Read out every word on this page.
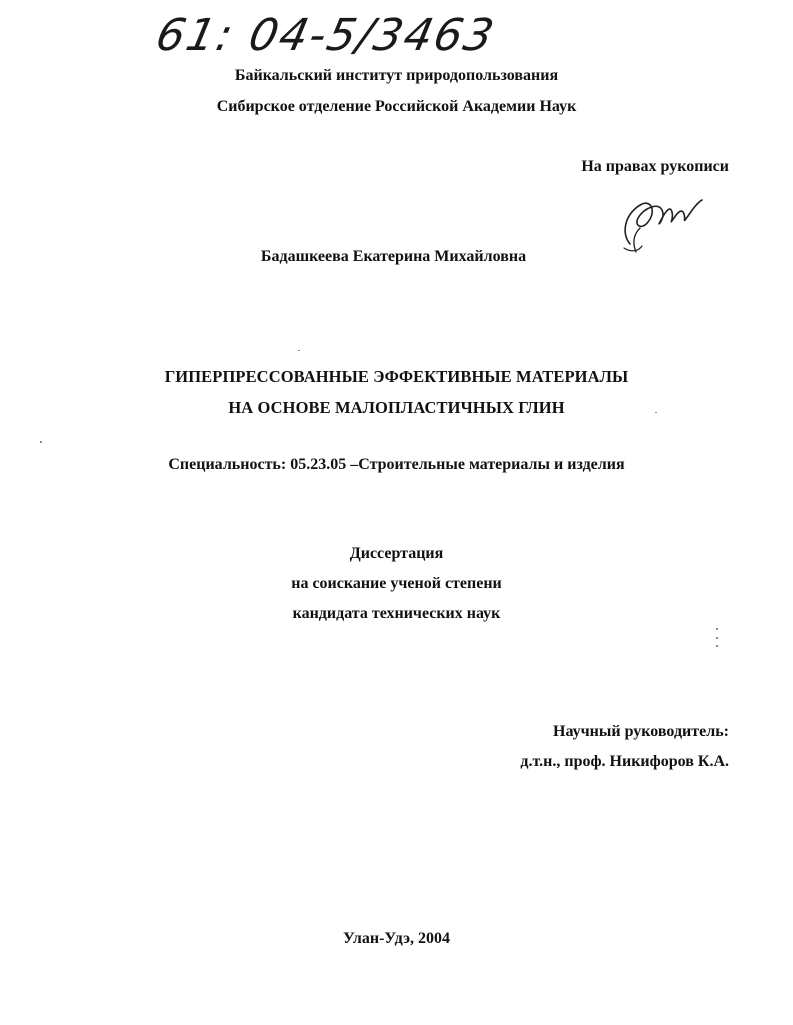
61: 04-5/3463
Байкальский институт природопользования
Сибирское отделение Российской Академии Наук
На правах рукописи
Бадашкеева Екатерина Михайловна
ГИПЕРПРЕССОВАННЫЕ ЭФФЕКТИВНЫЕ МАТЕРИАЛЫ
НА ОСНОВЕ МАЛОПЛАСТИЧНЫХ ГЛИН
Специальность: 05.23.05 –Строительные материалы и изделия
Диссертация
на соискание ученой степени
кандидата технических наук
Научный руководитель:
д.т.н., проф. Никифоров К.А.
Улан-Удэ, 2004
